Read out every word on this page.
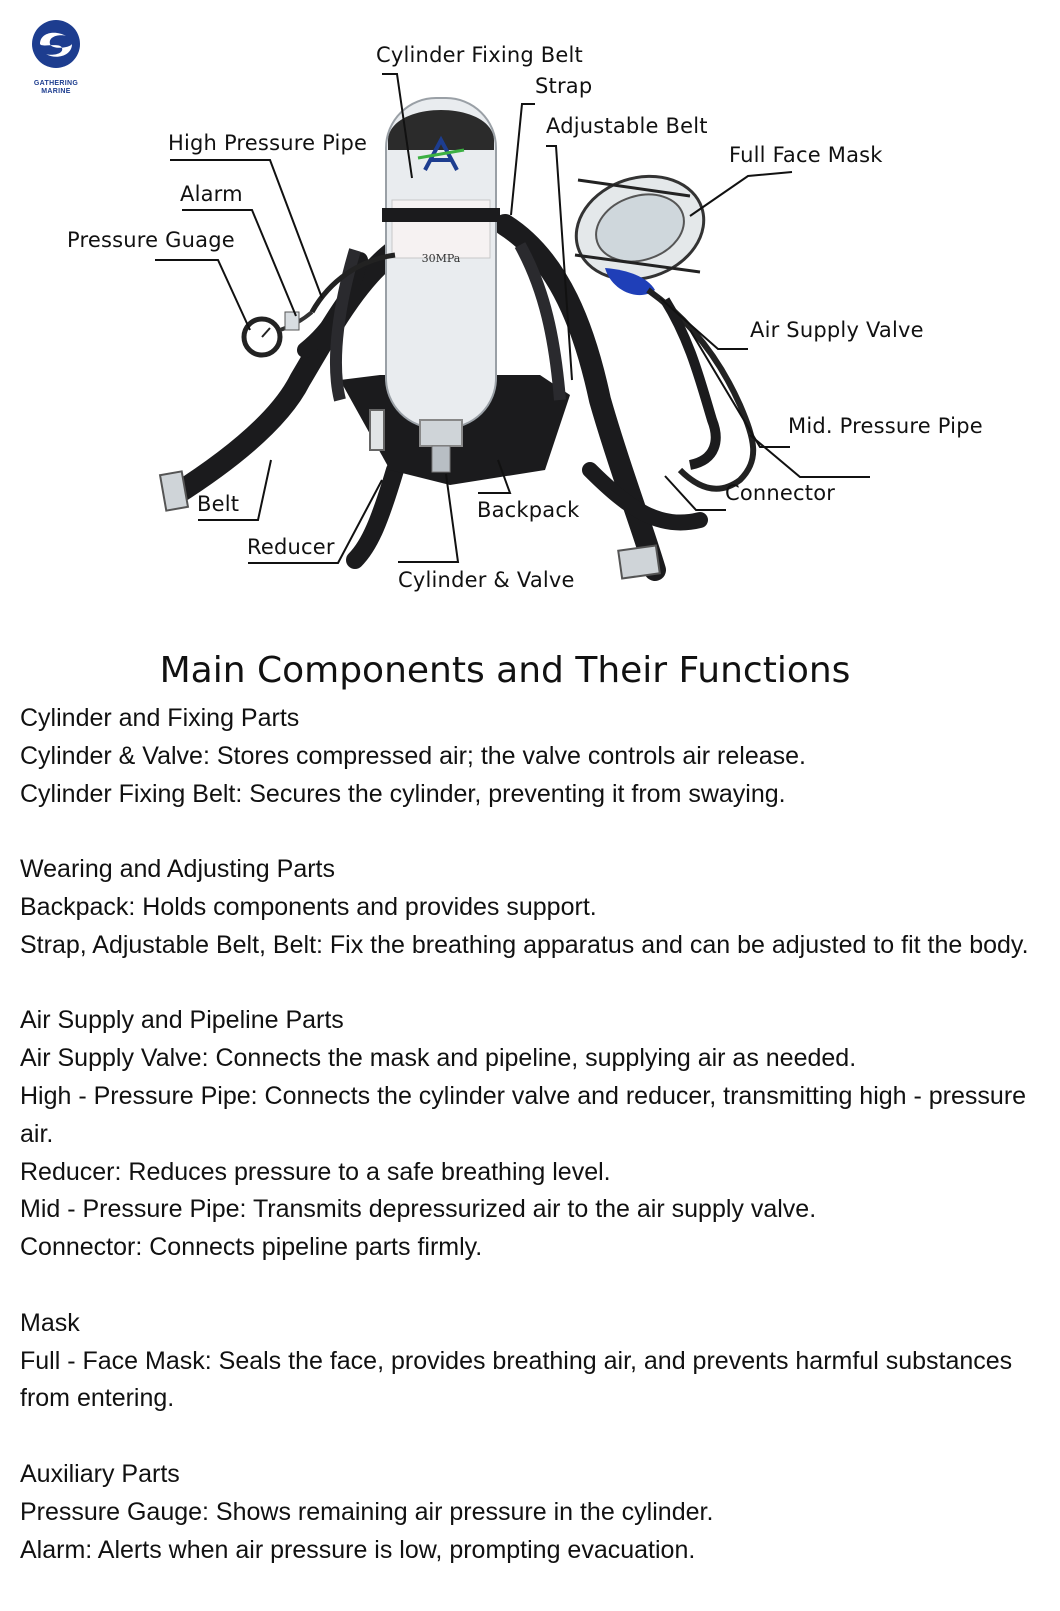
GATHERING
MARINE
30MPa
Cylinder Fixing Belt
Strap
Adjustable Belt
Full Face Mask
High Pressure Pipe
Alarm
Pressure Guage
Air Supply Valve
Mid. Pressure Pipe
Connector
Belt	Backpack
Reducer
Cylinder & Valve
Main Components and Their Functions

Cylinder and Fixing Parts

Cylinder & Valve: Stores compressed air; the valve controls air release.

Cylinder Fixing Belt: Secures the cylinder, preventing it from swaying.

Wearing and Adjusting Parts

Backpack: Holds components and provides support.

Strap, Adjustable Belt, Belt: Fix the breathing apparatus and can be adjusted to fit the body.

Air Supply and Pipeline Parts

Air Supply Valve: Connects the mask and pipeline, supplying air as needed.

High - Pressure Pipe: Connects the cylinder valve and reducer, transmitting high - pressure air.

Reducer: Reduces pressure to a safe breathing level.

Mid - Pressure Pipe: Transmits depressurized air to the air supply valve.

Connector: Connects pipeline parts firmly.

Mask

Full - Face Mask: Seals the face, provides breathing air, and prevents harmful substances from entering.

Auxiliary Parts

Pressure Gauge: Shows remaining air pressure in the cylinder.

Alarm: Alerts when air pressure is low, prompting evacuation.
